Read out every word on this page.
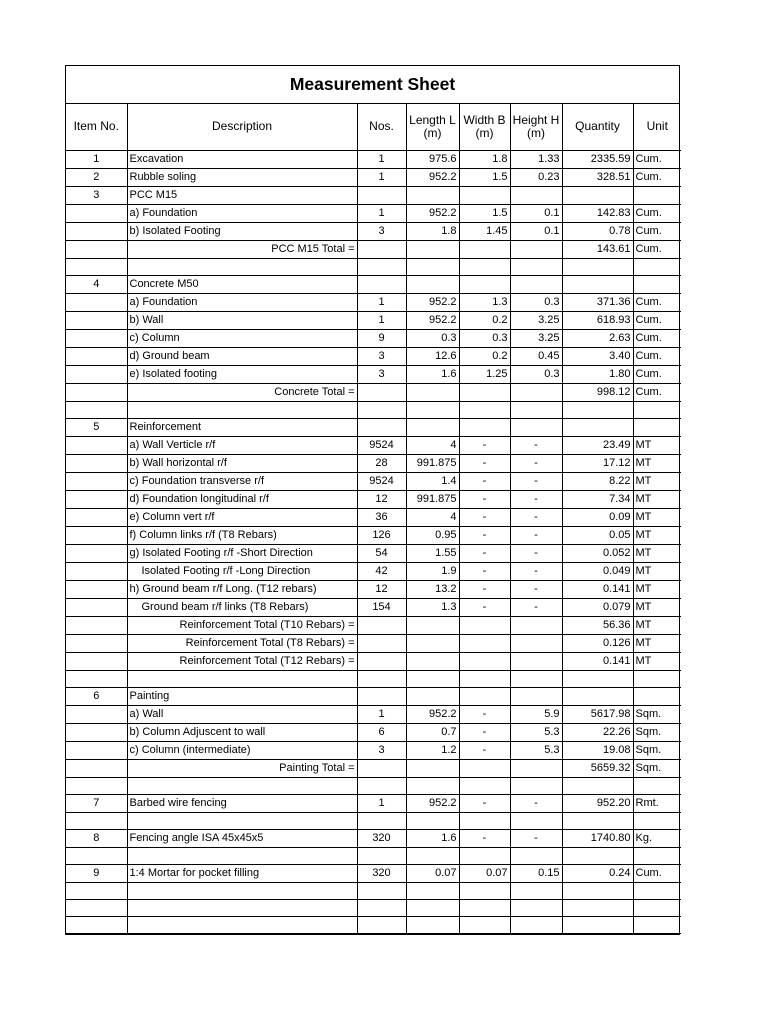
Measurement Sheet
Item No.	Description	Nos.	Length L (m)	Width B (m)	Height H (m)	Quantity	Unit
1	Excavation	1	975.6	1.8	1.33	2335.59	Cum.
2	Rubble soling	1	952.2	1.5	0.23	328.51	Cum.
3	PCC M15						
	a) Foundation	1	952.2	1.5	0.1	142.83	Cum.
	b) Isolated Footing	3	1.8	1.45	0.1	0.78	Cum.
	PCC M15 Total =					143.61	Cum.

4	Concrete M50						
	a) Foundation	1	952.2	1.3	0.3	371.36	Cum.
	b) Wall	1	952.2	0.2	3.25	618.93	Cum.
	c) Column	9	0.3	0.3	3.25	2.63	Cum.
	d) Ground beam	3	12.6	0.2	0.45	3.40	Cum.
	e) Isolated footing	3	1.6	1.25	0.3	1.80	Cum.
	Concrete Total =					998.12	Cum.

5	Reinforcement						
	a) Wall Verticle r/f	9524	4	-	-	23.49	MT
	b) Wall horizontal r/f	28	991.875	-	-	17.12	MT
	c) Foundation transverse r/f	9524	1.4	-	-	8.22	MT
	d) Foundation longitudinal r/f	12	991.875	-	-	7.34	MT
	e) Column vert r/f	36	4	-	-	0.09	MT
	f) Column links r/f (T8 Rebars)	126	0.95	-	-	0.05	MT
	g) Isolated Footing r/f -Short Direction	54	1.55	-	-	0.052	MT
	Isolated Footing r/f -Long Direction	42	1.9	-	-	0.049	MT
	h) Ground beam r/f Long. (T12 rebars)	12	13.2	-	-	0.141	MT
	Ground beam r/f links (T8 Rebars)	154	1.3	-	-	0.079	MT
	Reinforcement Total (T10 Rebars) =					56.36	MT
	Reinforcement Total (T8 Rebars) =					0.126	MT
	Reinforcement Total (T12 Rebars) =					0.141	MT

6	Painting						
	a) Wall	1	952.2	-	5.9	5617.98	Sqm.
	b) Column Adjuscent to wall	6	0.7	-	5.3	22.26	Sqm.
	c) Column (intermediate)	3	1.2	-	5.3	19.08	Sqm.
	Painting Total =					5659.32	Sqm.

7	Barbed wire fencing	1	952.2	-	-	952.20	Rmt.

8	Fencing angle ISA 45x45x5	320	1.6	-	-	1740.80	Kg.

9	1:4 Mortar for pocket filling	320	0.07	0.07	0.15	0.24	Cum.
